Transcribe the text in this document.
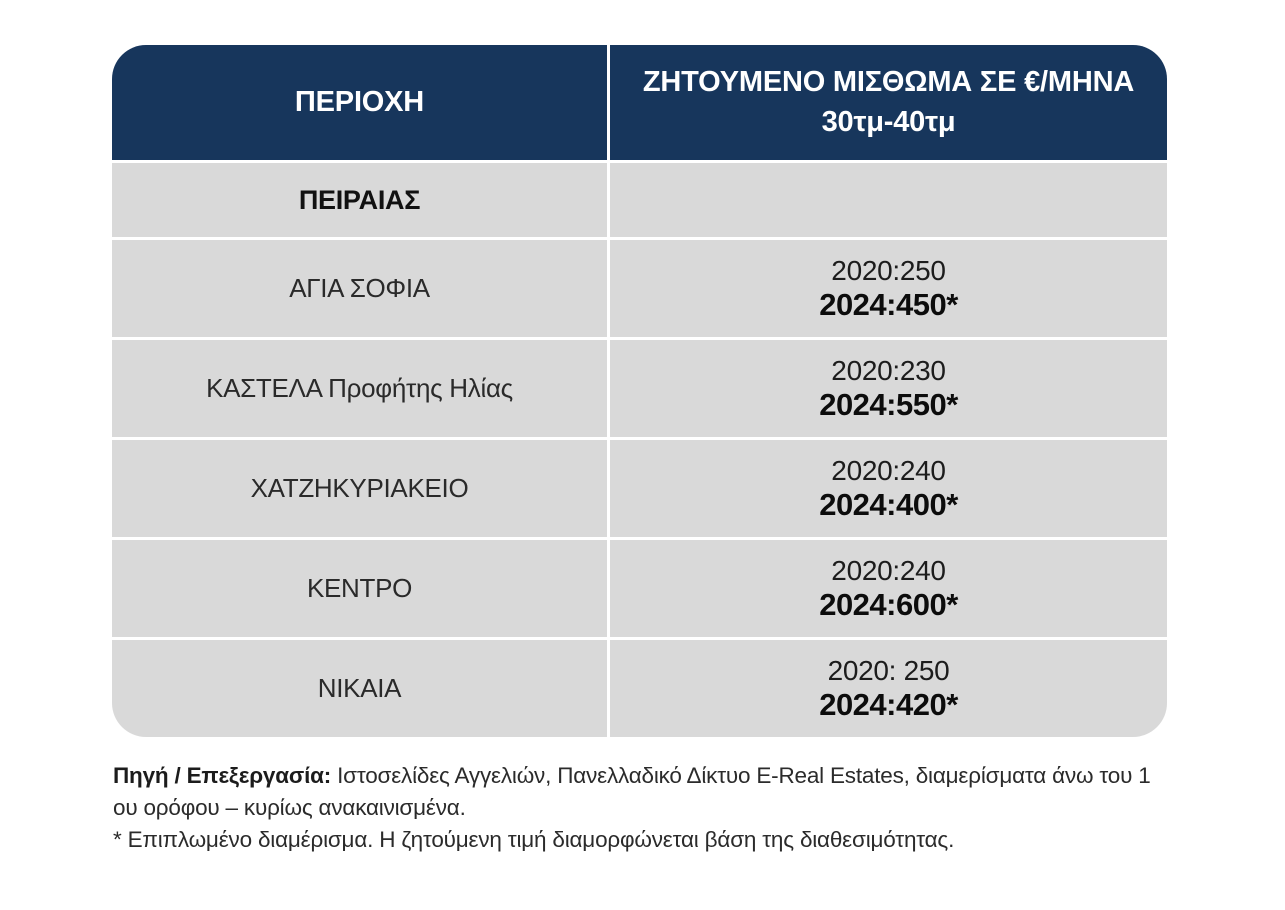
ΠΕΡΙΟΧΗ
ΖΗΤΟΥΜΕΝΟ ΜΙΣΘΩΜΑ ΣΕ €/ΜΗΝΑ
30τμ-40τμ
ΠΕΙΡΑΙΑΣ
ΑΓΙΑ ΣΟΦΙΑ
2020:250
2024:450*
ΚΑΣΤΕΛΑ Προφήτης Ηλίας
2020:230
2024:550*
ΧΑΤΖΗΚΥΡΙΑΚΕΙΟ
2020:240
2024:400*
ΚΕΝΤΡΟ
2020:240
2024:600*
ΝΙΚΑΙΑ
2020: 250
2024:420*

Πηγή / Επεξεργασία: Ιστοσελίδες Αγγελιών, Πανελλαδικό Δίκτυο E-Real Estates, διαμερίσματα άνω του 1 ου ορόφου – κυρίως ανακαινισμένα.

* Επιπλωμένο διαμέρισμα. Η ζητούμενη τιμή διαμορφώνεται βάση της διαθεσιμότητας.
